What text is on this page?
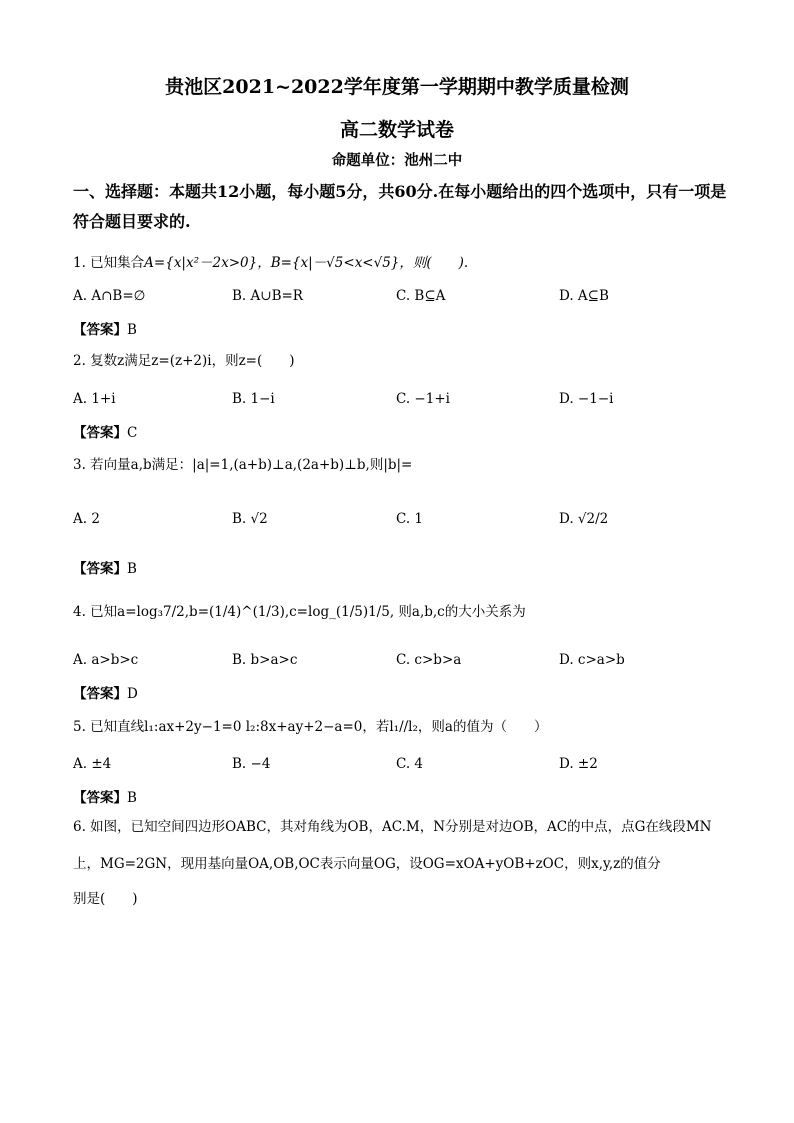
贵池区2021~2022学年度第一学期期中教学质量检测
高二数学试卷
命题单位：池州二中
一、选择题：本题共12小题，每小题5分，共60分.在每小题给出的四个选项中，只有一项是
符合题目要求的.
1. 已知集合A={x|x²－2x>0}，B={x|－√5<x<√5}，则(　　).
A. A∩B=∅	B. A∪B=R	C. B⊆A	D. A⊆B
【答案】B
2. 复数z满足z=(z+2)i，则z=(　　)
A. 1+i	B. 1−i	C. −1+i	D. −1−i
【答案】C
3. 若向量a,b满足：|a|=1,(a+b)⊥a,(2a+b)⊥b,则|b|=
A. 2	B. √2	C. 1	D. √2/2
【答案】B
4. 已知a=log₃7/2,b=(1/4)^(1/3),c=log_(1/5)1/5, 则a,b,c的大小关系为
A. a>b>c	B. b>a>c	C. c>b>a	D. c>a>b
【答案】D
5. 已知直线l₁:ax+2y−1=0 l₂:8x+ay+2−a=0，若l₁//l₂，则a的值为（　　）
A. ±4	B. −4	C. 4	D. ±2
【答案】B
6. 如图，已知空间四边形OABC，其对角线为OB，AC.M，N分别是对边OB，AC的中点，点G在线段MN
上，MG=2GN，现用基向量OA,OB,OC表示向量OG，设OG=xOA+yOB+zOC，则x,y,z的值分
别是(　　)
